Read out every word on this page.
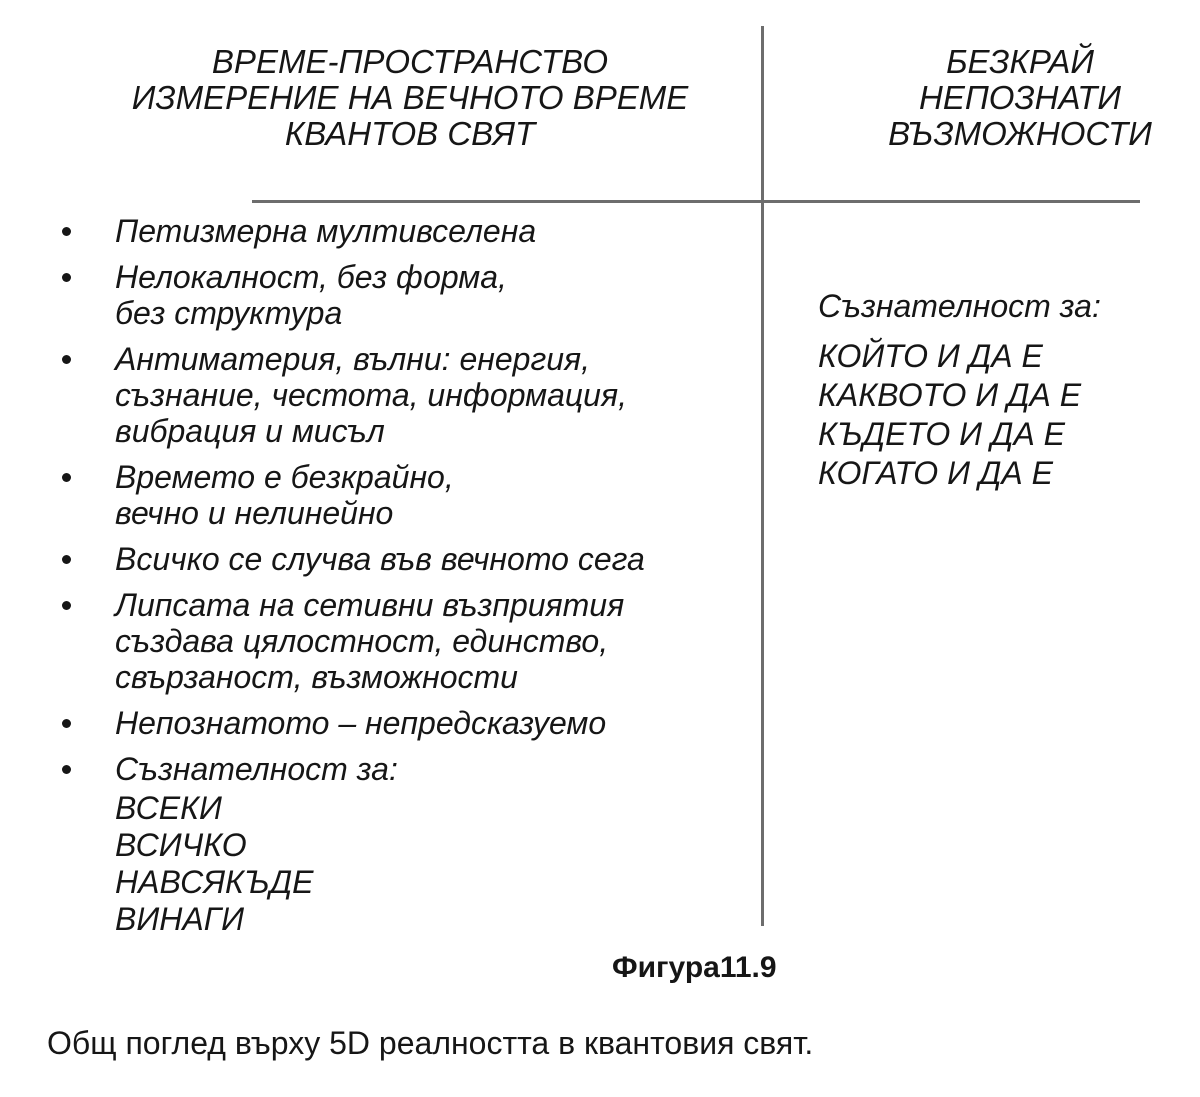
ВРЕМЕ-ПРОСТРАНСТВО
ИЗМЕРЕНИЕ НА ВЕЧНОТО ВРЕМЕ
КВАНТОВ СВЯТ
БЕЗКРАЙ
НЕПОЗНАТИ
ВЪЗМОЖНОСТИ
Петизмерна мултивселена
Нелокалност, без форма,
без структура
Антиматерия, вълни: енергия,
съзнание, честота, информация,
вибрация и мисъл
Времето е безкрайно,
вечно и нелинейно
Всичко се случва във вечното сега
Липсата на сетивни възприятия
създава цялостност, единство,
свързаност, възможности
Непознатото – непредсказуемо
Съзнателност за:
ВСЕКИ
ВСИЧКО
НАВСЯКЪДЕ
ВИНАГИ
Съзнателност за:
КОЙТО И ДА Е
КАКВОТО И ДА Е
КЪДЕТО И ДА Е
КОГАТО И ДА Е
Фигура11.9
Общ поглед върху 5D реалността в квантовия свят.
